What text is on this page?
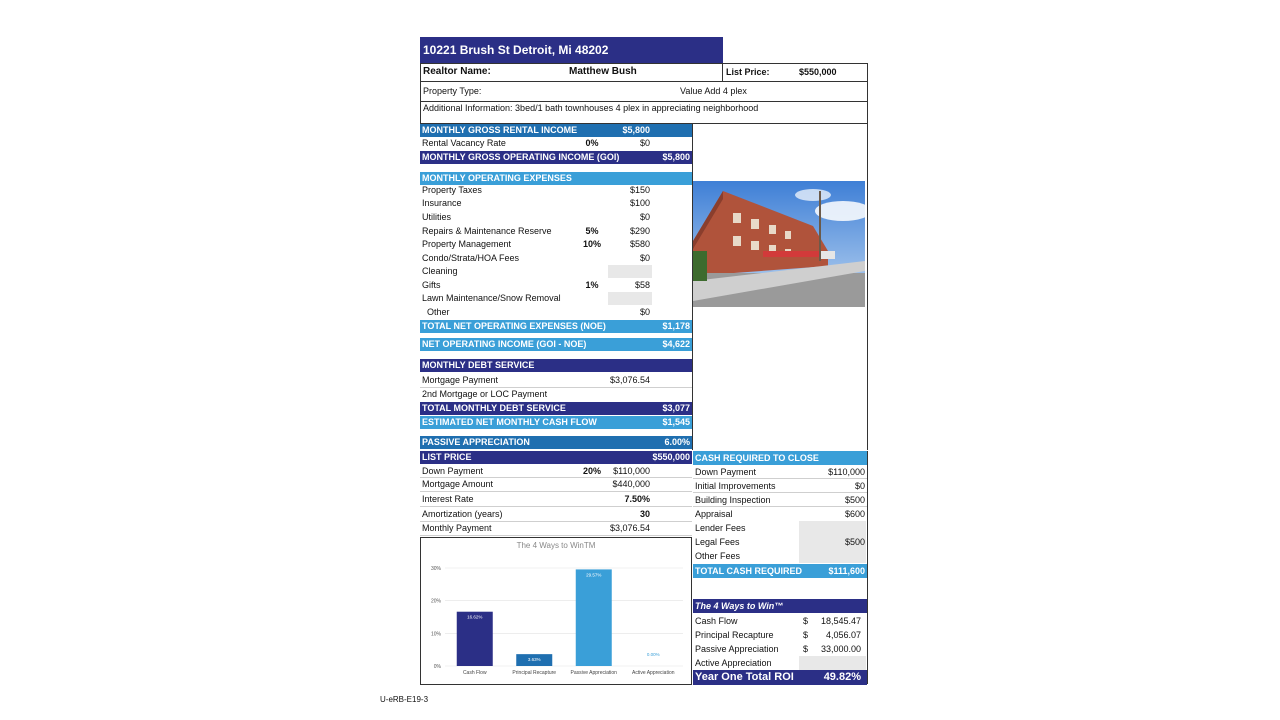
10221 Brush St Detroit, Mi 48202
Realtor Name:	Matthew Bush	List Price:	$550,000
Property Type:	Value Add 4 plex
Additional Information: 3bed/1 bath townhouses 4 plex in appreciating neighborhood
MONTHLY GROSS RENTAL INCOME	$5,800
Rental Vacancy Rate	0%	$0
MONTHLY GROSS OPERATING INCOME (GOI)	$5,800
MONTHLY OPERATING EXPENSES
Property Taxes	$150
Insurance	$100
Utilities	$0
Repairs & Maintenance Reserve	5%	$290
Property Management	10%	$580
Condo/Strata/HOA Fees	$0
Cleaning
Gifts	1%	$58
Lawn Maintenance/Snow Removal
Other	$0
TOTAL NET OPERATING EXPENSES (NOE)	$1,178
NET OPERATING INCOME (GOI - NOE)	$4,622
MONTHLY DEBT SERVICE
Mortgage Payment	$3,076.54
2nd Mortgage or LOC Payment
TOTAL MONTHLY DEBT SERVICE	$3,077
ESTIMATED NET MONTHLY CASH FLOW	$1,545
PASSIVE APPRECIATION	6.00%
LIST PRICE	$550,000
Down Payment	20%	$110,000
Mortgage Amount	$440,000
Interest Rate	7.50%
Amortization (years)	30
Monthly Payment	$3,076.54
CASH REQUIRED TO CLOSE
Down Payment	$110,000
Initial Improvements	$0
Building Inspection	$500
Appraisal	$600
Lender Fees
Legal Fees	$500
Other Fees
TOTAL CASH REQUIRED	$111,600
The 4 Ways to Win™
Cash Flow	$ 18,545.47
Principal Recapture	$ 4,056.07
Passive Appreciation	$ 33,000.00
Active Appreciation
Year One Total ROI	49.82%
The 4 Ways to WinTM
0%
10%
20%
30%
16.62%
Cash Flow
3.63%
Principal Recapture
29.57%
Passive Appreciation
0.00%
Active Appreciation
U-eRB-E19-3
